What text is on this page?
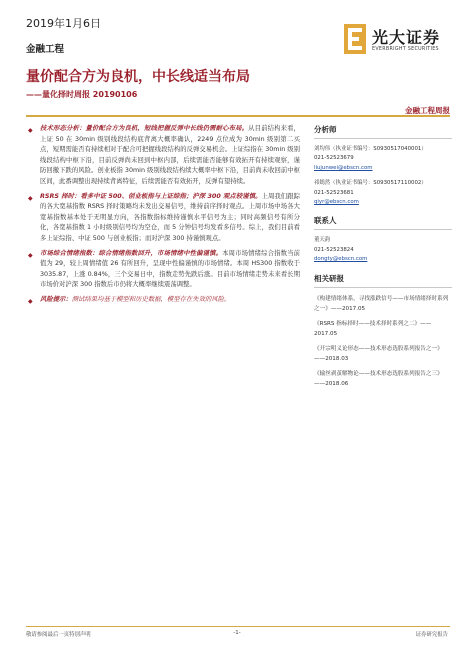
2019年1月6日
金融工程
光大证券
EVERBRIGHT SECURITIES
量价配合方为良机，中长线适当布局
——量化择时周报 20190106
金融工程周报
◆ 技术形态分析：量价配合方为良机，短线把握反弹中长线仍需耐心布局。从目前结构来看，上证 50 在 30min 级别线段结构底背离大概率确认，2249 点位成为 30min 级别第二买点，短期需能否有持续相对于配合可把握线段结构的反弹交易机会。上证综指在 30min 级别线段结构中枢下沿，目前反弹尚未回到中枢内部，后续需能否能够有效拓开有持续观察，谨防回撤下跌的风险。创业板指 30min 级别线段结构续大概率中枢下沿，目前尚未收回前中枢区间，此番调整出现持续背离特征，后续需能否有效拓开，反弹有望持续。
◆ RSRS 择时：看多中证 500、创业板指与上证综指；沪深 300 观点较谨慎。上周我们跟踪的各大宽基指数 RSRS 择时策略均未发出交易信号，维持前序择时观点。上周市场中场各大宽基指数基本处于无明显方向，各指数指标维持谨慎水平信号为主；同时高频信号有所分化，各宽基指数 1 小时级别信号均为空仓，而 5 分钟信号均发看多信号。综上，我们目前看多上证综指、中证 500 与创业板指；而对沪深 300 持谨慎观点。
◆ 市场综合情绪指数：综合情绪指数回升，市场情绪中性偏谨慎。本周市场情绪综合指数当前值为 29，较上周情绪值 26 有所回升，呈现中性偏谨慎的市场情绪。本周 HS300 指数收于 3035.87，上涨 0.84%，三个交易日中，指数走势先跌后涨。目前市场情绪走势未来看长期市场价对沪深 300 指数后市仍将大概率继续震荡调整。
◆ 风险提示：测试结果均基于模型和历史数据，模型存在失效的风险。
分析师
刘均伟（执业证书编号：S0930517040001）
021-52523679
liujunwei@ebscn.com
祁嫣然（执业证书编号：S0930517110002）
021-52523681
qiyr@ebscn.com
联系人
董天韵
021-52523824
dongty@ebscn.com
相关研报
《构建情绪体系，寻找涨跌信号——市场情绪择时系列之一》——2017.05
《RSRS 指标择时——技术择时系列之二》——2017.05
《开宗明义论形态——技术形态选股系列报告之一》——2018.03
《输丝剥茧解物论——技术形态选股系列报告之三》——2018.06
敬请参阅最后一页特别声明	-1-	证券研究报告
